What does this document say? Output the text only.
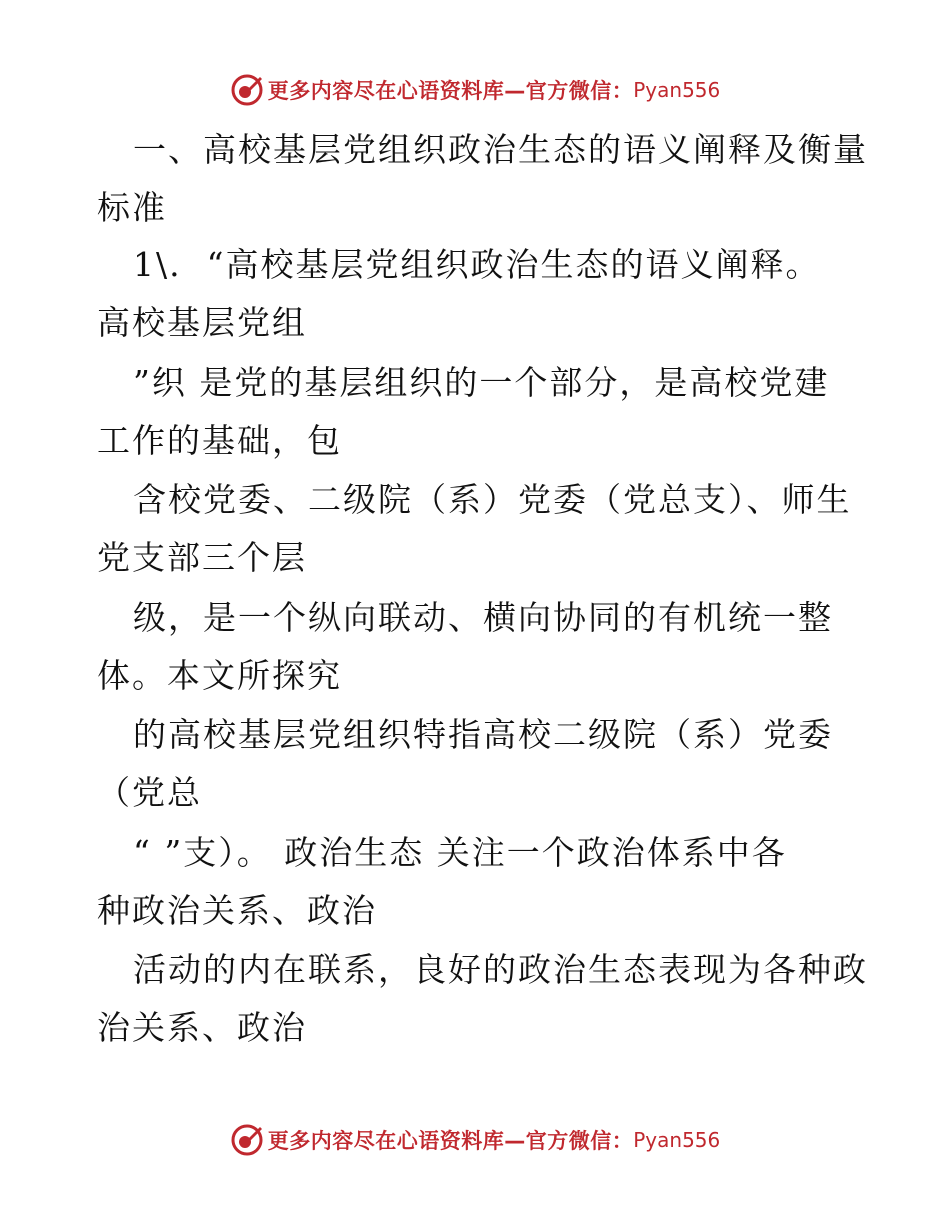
更多内容尽在心语资料库—官方微信： Pyan556
一、高校基层党组织政治生态的语义阐释及衡量
标准
1\.  “高校基层党组织政治生态的语义阐释。
高校基层党组
”织 是党的基层组织的一个部分，是高校党建
工作的基础，包
含校党委、二级院（系）党委（党总支）、师生
党支部三个层
级，是一个纵向联动、横向协同的有机统一整
体。本文所探究
的高校基层党组织特指高校二级院（系）党委
（党总
“ ”支）。 政治生态 关注一个政治体系中各
种政治关系、政治
活动的内在联系，良好的政治生态表现为各种政
治关系、政治
更多内容尽在心语资料库—官方微信： Pyan556
